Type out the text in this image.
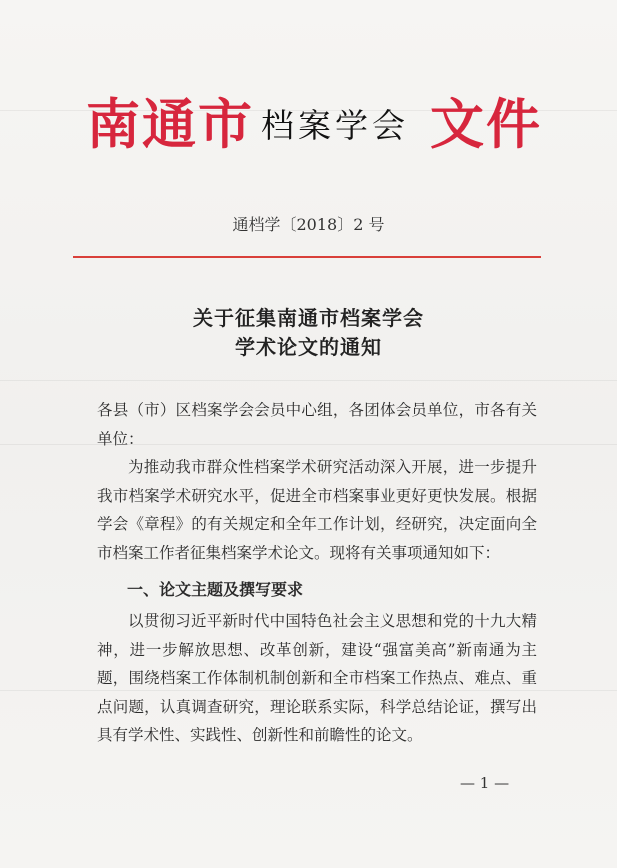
南通市 档案学会 文件
通档学〔2018〕2 号
关于征集南通市档案学会
学术论文的通知
各县（市）区档案学会会员中心组，各团体会员单位，市各有关单位：
为推动我市群众性档案学术研究活动深入开展，进一步提升我市档案学术研究水平，促进全市档案事业更好更快发展。根据学会《章程》的有关规定和全年工作计划，经研究，决定面向全市档案工作者征集档案学术论文。现将有关事项通知如下：
一、论文主题及撰写要求
以贯彻习近平新时代中国特色社会主义思想和党的十九大精神，进一步解放思想、改革创新，建设“强富美高”新南通为主题，围绕档案工作体制机制创新和全市档案工作热点、难点、重点问题，认真调查研究，理论联系实际，科学总结论证，撰写出具有学术性、实践性、创新性和前瞻性的论文。
— 1 —
